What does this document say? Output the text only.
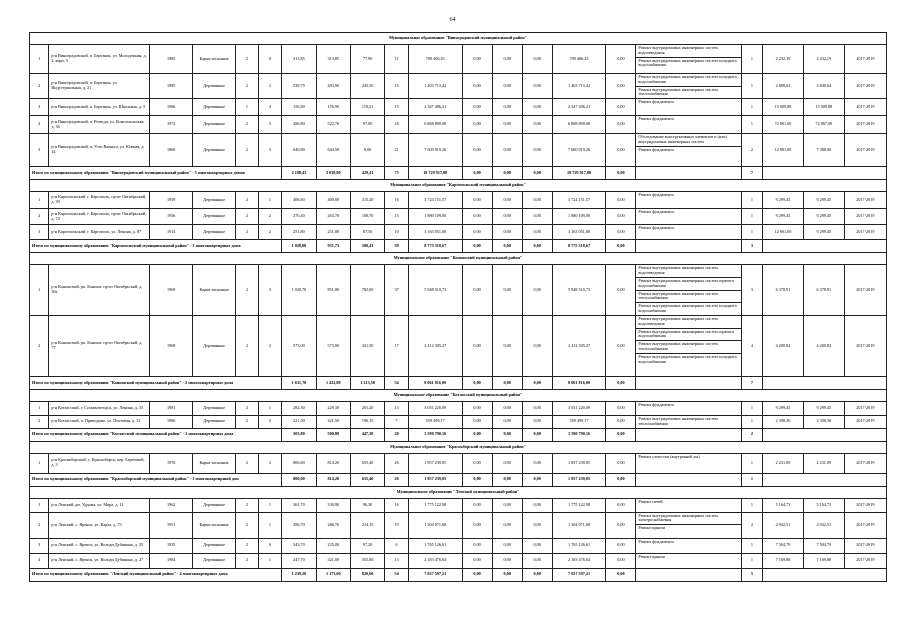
64
Муниципальное образование "Виноградовский муниципальный район"																				
1	р-н Виноградовский, п. Березник, ул. Молодежная, д. 2, корп. 5	1985	Карка-засыпные	2	0	313,85	313,85	77,90	11	709 406,45	0,00	0,00	0,00	709 406,45	0,00	Ремонт внутридомовых инженерных систем водоотведения
Ремонт внутридомовых инженерных систем холодного водоснабжения	1	2 232,19	2 232,19	2017-2019
2	р-н Виноградовский, п. Березник, ул. Индустриальная, д. 21	1985	Деревянные	2	2	539,79	493,90	245,50	15	1 403 713,42	0,00	0,00	0,00	1 403 713,42	0,00	Ремонт внутридомовых инженерных систем холодного водоснабжения
Ремонт внутридомовых инженерных систем теплоснабжения	1	2 898,64	2 849,64	2017-2019
3	р-н Виноградовский, п. Березник, ул. Школьная, д. 5	1966	Деревянные	1	4	156,90	156,90	110,21	15	2 347 496,21	0,00	0,00	0,00	2 347 496,21	0,00	Ремонт фундамента	1	15 009,88	15 009,88	2017-2019
4	р-н Виноградовский, п. Рочегда, ул. Комсомольская, д. 36	1972	Деревянные	2	3	286,80	522,70	97,00	18	6 868 890,00	0,00	0,00	0,00	6 868 890,00	0,00	Ремонт фундамента	1	72 861,00	72 867,00	2017-2019
5	р-н Виноградовский, п. Усть-Ваеньга, ул. Южная, д. 14	1960	Деревянные	2	3	640,80	644,50	0,00	21	7 600 919,26	0,00	0,00	0,00	7 600 919,26	0,00	Обследование конструктивных элементов и (или) внутридомовых инженерных систем
Ремонт фундамента	2	12 901,00	7 388,00	2017-2019
Итого по муниципальному образованию "Виноградовский муниципальный район" - 5 многоквартирных домов						2 108,43	2 038,80	429,41	75	18 729 917,80	0,00	0,00	0,00	18 729 917,80	0,00		7			
Муниципальное образование "Каргопольский муниципальный район"																				
1	р-н Каргопольский, г. Каргополь, пр-кт Октябрьский, д. 39	1959	Деревянные	2	1	406,60	400,00	315,20	16	3 724 151,57	0,00	0,00	0,00	3 724 151,57	0,00	Ремонт фундамента	1	9 299,45	9 299,45	2017-2019
2	р-н Каргопольский, г. Каргополь, пр-кт Октябрьский, д. 74	1956	Деревянные	2	2	270,40	263,70	100,70	15	1 880 109,00	0,00	0,00	0,00	1 880 109,00	0,00	Ремонт фундамента	1	9 299,45	9 299,45	2017-2019
3	р-н Каргопольский, г. Каргополь, ул. Ленина, д. 87	1914	Деревянные	2	2	251,80	251,80	87,50	10	3 163 051,00	0,00	0,00	0,00	3 163 051,00	0,00	Ремонт фундамента	1	12 901,00	9 299,45	2017-2019
Итого по муниципальному образованию "Каргопольский муниципальный район" - 3 многоквартирных дома						1 028,00	931,73	500,43	39	8 775 318,67	0,00	0,00	0,00	8 775 318,67	0,00		3			
Муниципальное образование "Коношский муниципальный район"																				
1	р-н Коношский, рп. Коноша, пр-кт Октябрьский, д. 30а	1969	Карка-засыпные	2	3	1 020,70	851,80	782,00	37	5 948 510,73	0,00	0,00	0,00	5 948 510,73	0,00	Ремонт внутридомовых инженерных систем водоотведения
Ремонт внутридомовых инженерных систем горячего водоснабжения
Ремонт внутридомовых инженерных систем теплоснабжения
Ремонт внутридомовых инженерных систем холодного водоснабжения	3	6 378,91	6 378,91	2017-2019
2	р-н Коношский, рп. Коноша, пр-кт Октябрьский, д. 77	1968	Деревянные	2	2	573,00	573,00	431,50	17	2 412 305,27	0,00	0,00	0,00	2 412 305,27	0,00	Ремонт внутридомовых инженерных систем водоотведения
Ремонт внутридомовых инженерных систем горячего водоснабжения
Ремонт внутридомовых инженерных систем теплоснабжения
Ремонт внутридомовых инженерных систем холодного водоснабжения	4	4 200,82	4 200,82	2017-2019
Итого по муниципальному образованию "Коношский муниципальный район" - 2 многоквартирных дома						1 631,70	1 432,80	1 213,50	54	8 061 816,00	0,00	0,00	0,00	8 061 816,00	0,00		7			
Муниципальное образование "Котласский муниципальный район"																				
1	р-н Котласский, г. Сольвычегодск, ул. Ленина, д. 35	1981	Деревянные	2	1	282,30	229,30	201,20	13	3 031 220,09	0,00	0,00	0,00	3 031 220,09	0,00	Ремонт фундамента	1	9 299,45	9 299,45	2017-2019
2	р-н Котласский, п. Приводино, ул. Почтовая, д. 12	1966	Деревянные	2	3	221,50	221,50	196,10	7	559 499,17	0,00	0,00	0,00	559 499,17	0,00	Ремонт внутридомовых инженерных систем теплоснабжения	1	2 398,36	2 398,36	2017-2019
Итого по муниципальному образованию "Котласский муниципальный район" - 2 многоквартирных дома						503,80	500,80	447,30	20	3 590 790,16	0,00	0,00	0,00	3 590 790,16	0,00		2			
Муниципальное образование "Красноборский муниципальный район"																				
1	р-н Красноборский, с. Красноборск, пер. Береговой, д. 3	1976	Карка-засыпные	2	2	806,60	814,20	655,40	26	1 857 239,05	0,00	0,00	0,00	1 857 239,05	0,00	Ремонт отмостки (внутренней лы)	1	2 231,09	2 231,09	2017-2019
Итого по муниципальному образованию "Красноборский муниципальный район" - 1 многоквартирный дом						806,60	814,20	655,40	26	1 857 239,05	0,00	0,00	0,00	1 857 239,05	0,00		1			
Муниципальное образование "Ленский муниципальный район"																				
1	р-н Ленский, рп. Урдома, ул. Мира, д. 11	1962	Деревянные	2	1	361,70	330,90	96,30	16	1 775 122,98	0,00	0,00	0,00	1 775 122,98	0,00	Ремонт печей	1	5 164,73	5 164,73	2017-2019
2	р-н Ленский, с. Яренск, ул. Карла, д. 75	1951	Карка-засыпные	2	1	286,70	286,70	214,10	19	1 304 071,68	0,00	0,00	0,00	1 304 071,68	0,00	Ремонт внутридомовых инженерных систем электроснабжения
Ремонт крыши	2	4 942,51	4 942,51	2017-2019
3	р-н Ленский, с. Яренск, ул. Володи Дубинина, д. 25	1935	Деревянные	2	6	343,70	235,00	97,20	6	1 765 126,61	0,00	0,00	0,00	1 765 126,61	0,00	Ремонт фундамента	1	7 504,79	7 504,79	2017-2019
4	р-н Ленский, с. Яренск, ул. Володи Дубинина, д. 27	1984	Деревянные	2	1	247,70	321,00	355,00	13	2 183 476,64	0,00	0,00	0,00	2 183 476,64	0,00	Ремонт крыши	1	7 169,88	7 169,88	2017-2019
Итого по муниципальному образованию "Ленский муниципальный район" - 4 многоквартирных дома						1 239,20	1 173,60	820,60	54	7 027 597,21	0,00	0,00	0,00	7 027 597,21	0,00		5			
